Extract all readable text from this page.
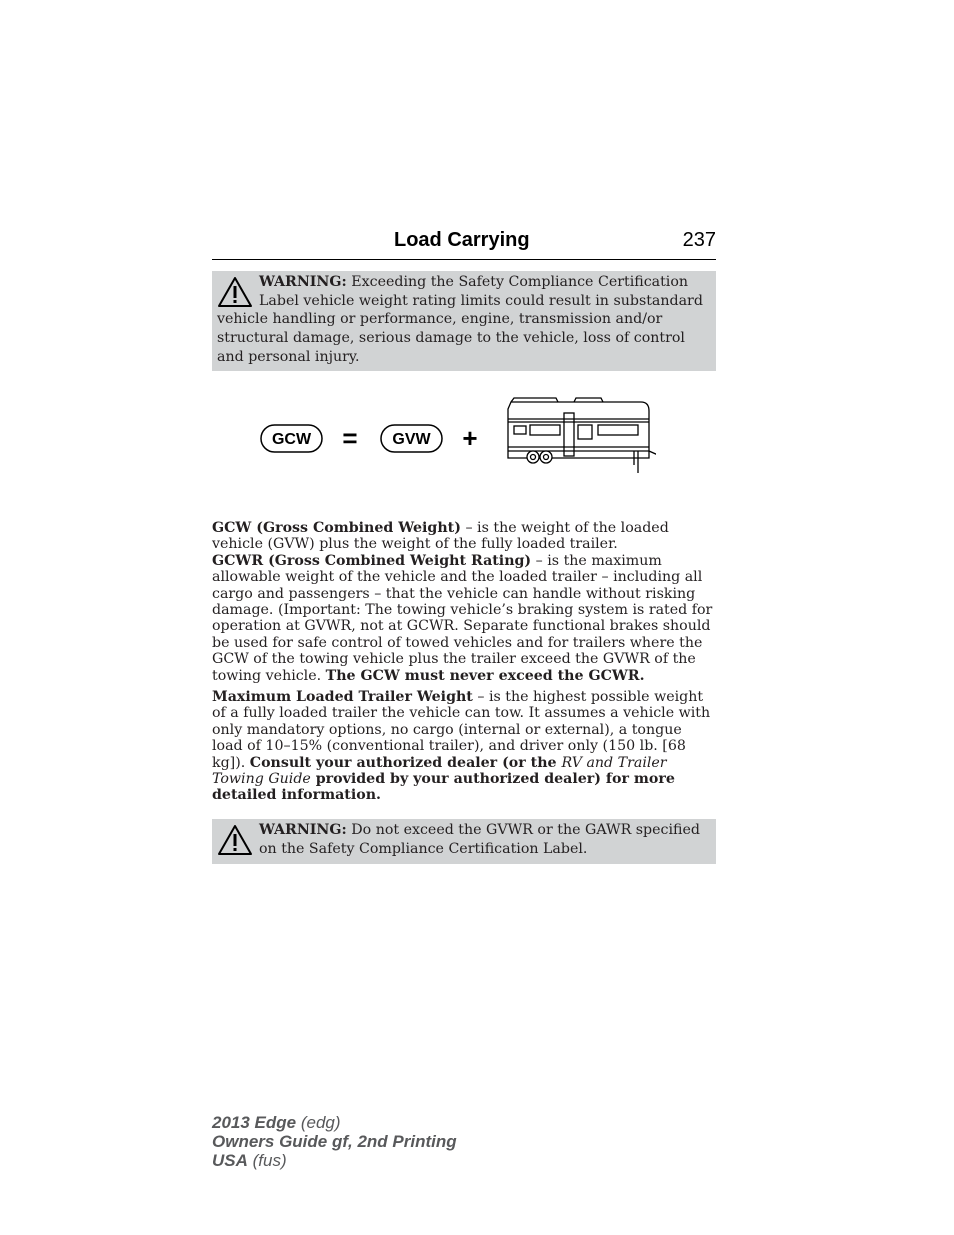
Load Carrying	237
WARNING: Exceeding the Safety Compliance Certification Label vehicle weight rating limits could result in substandard vehicle handling or performance, engine, transmission and/or structural damage, serious damage to the vehicle, loss of control and personal injury.
GCW = GVW +

GCW (Gross Combined Weight) – is the weight of the loaded vehicle (GVW) plus the weight of the fully loaded trailer.

GCWR (Gross Combined Weight Rating) – is the maximum allowable weight of the vehicle and the loaded trailer – including all cargo and passengers – that the vehicle can handle without risking damage. (Important: The towing vehicle’s braking system is rated for operation at GVWR, not at GCWR. Separate functional brakes should be used for safe control of towed vehicles and for trailers where the GCW of the towing vehicle plus the trailer exceed the GVWR of the towing vehicle. The GCW must never exceed the GCWR.

Maximum Loaded Trailer Weight – is the highest possible weight of a fully loaded trailer the vehicle can tow. It assumes a vehicle with only mandatory options, no cargo (internal or external), a tongue load of 10–15% (conventional trailer), and driver only (150 lb. [68 kg]). Consult your authorized dealer (or the RV and Trailer Towing Guide provided by your authorized dealer) for more detailed information.

WARNING: Do not exceed the GVWR or the GAWR specified on the Safety Compliance Certification Label.
2013 Edge (edg)
Owners Guide gf, 2nd Printing
USA (fus)
